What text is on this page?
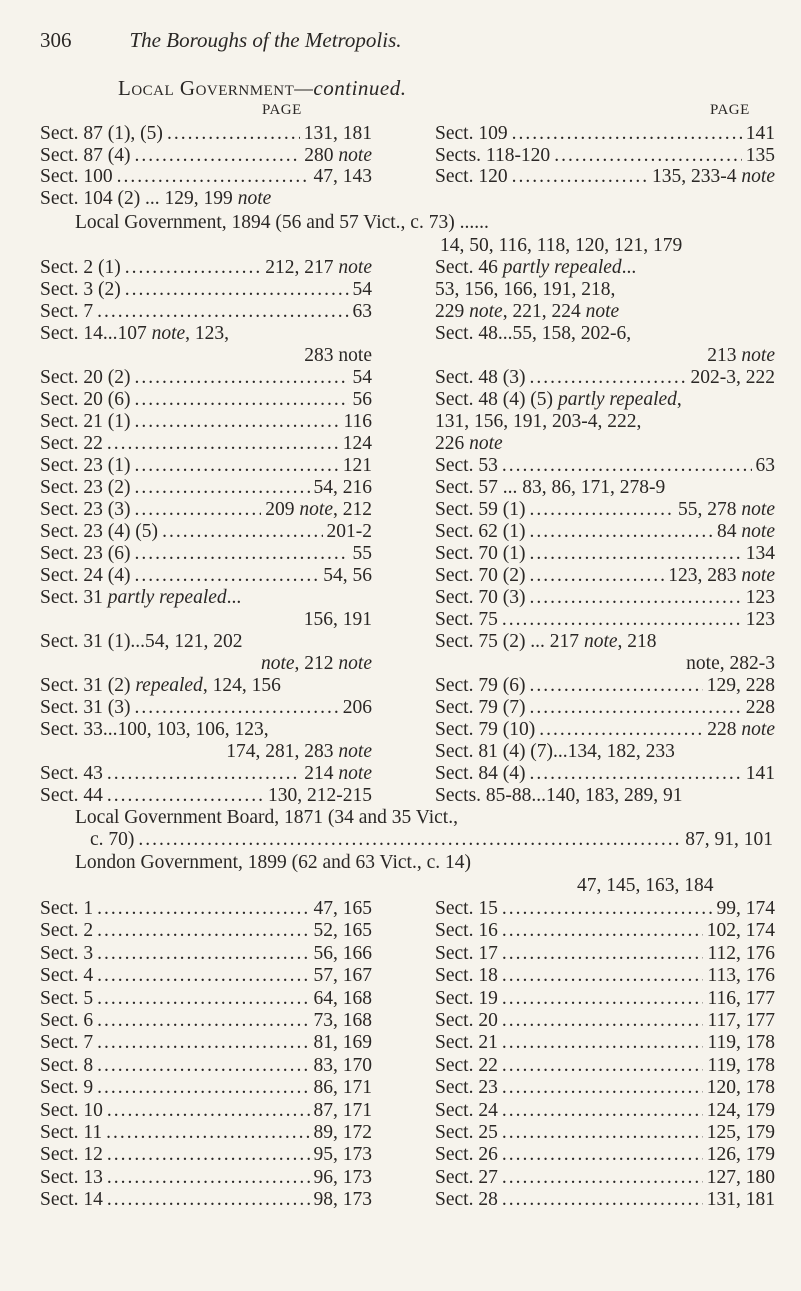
306	The Boroughs of the Metropolis.
Local Government—continued.
PAGE	PAGE
Sect. 87 (1), (5) .....	131, 181
Sect. 87 (4) .....	280 note
Sect. 100 .....	47, 143
Sect. 104 (2) ... 129, 199 note
Sect. 109 .....	141
Sects. 118-120 .....	135
Sect. 120 .....	135, 233-4 note
Local Government, 1894 (56 and 57 Vict., c. 73) ......
14, 50, 116, 118, 120, 121, 179
Sect. 2 (1) .....	212, 217 note
Sect. 3 (2) .....	54
Sect. 7 .....	63
Sect. 14...107 note, 123,
283 note
Sect. 20 (2) .....	54
Sect. 20 (6) .....	56
Sect. 21 (1) .....	116
Sect. 22 .....	124
Sect. 23 (1) .....	121
Sect. 23 (2) .....	54, 216
Sect. 23 (3) .....	209 note, 212
Sect. 23 (4) (5) .....	201-2
Sect. 23 (6) .....	55
Sect. 24 (4) .....	54, 56
Sect. 31 partly repealed...
156, 191
Sect. 31 (1)...54, 121, 202
note, 212 note
Sect. 31 (2) repealed, 124, 156
Sect. 31 (3) .....	206
Sect. 33...100, 103, 106, 123,
174, 281, 283 note
Sect. 43 .....	214 note
Sect. 44 .....	130, 212-215
Sect. 46 partly repealed...
53, 156, 166, 191, 218,
229 note, 221, 224 note
Sect. 48...55, 158, 202-6,
213 note
Sect. 48 (3) .....	202-3, 222
Sect. 48 (4) (5) partly repealed,
131, 156, 191, 203-4, 222,
226 note
Sect. 53 .....	63
Sect. 57 ... 83, 86, 171, 278-9
Sect. 59 (1) .....	55, 278 note
Sect. 62 (1) .....	84 note
Sect. 70 (1) .....	134
Sect. 70 (2) .....	123, 283 note
Sect. 70 (3) .....	123
Sect. 75 .....	123
Sect. 75 (2) ... 217 note, 218
note, 282-3
Sect. 79 (6) .....	129, 228
Sect. 79 (7) .....	228
Sect. 79 (10) .....	228 note
Sect. 81 (4) (7)...134, 182, 233
Sect. 84 (4) .....	141
Sects. 85-88...140, 183, 289, 91
Local Government Board, 1871 (34 and 35 Vict.,
c. 70) .....	87, 91, 101
London Government, 1899 (62 and 63 Vict., c. 14)
47, 145, 163, 184
Sect. 1 .....	47, 165
Sect. 2 .....	52, 165
Sect. 3 .....	56, 166
Sect. 4 .....	57, 167
Sect. 5 .....	64, 168
Sect. 6 .....	73, 168
Sect. 7 .....	81, 169
Sect. 8 .....	83, 170
Sect. 9 .....	86, 171
Sect. 10 .....	87, 171
Sect. 11 .....	89, 172
Sect. 12 .....	95, 173
Sect. 13 .....	96, 173
Sect. 14 .....	98, 173
Sect. 15 .....	99, 174
Sect. 16 .....	102, 174
Sect. 17 .....	112, 176
Sect. 18 .....	113, 176
Sect. 19 .....	116, 177
Sect. 20 .....	117, 177
Sect. 21 .....	119, 178
Sect. 22 .....	119, 178
Sect. 23 .....	120, 178
Sect. 24 .....	124, 179
Sect. 25 .....	125, 179
Sect. 26 .....	126, 179
Sect. 27 .....	127, 180
Sect. 28 .....	131, 181
